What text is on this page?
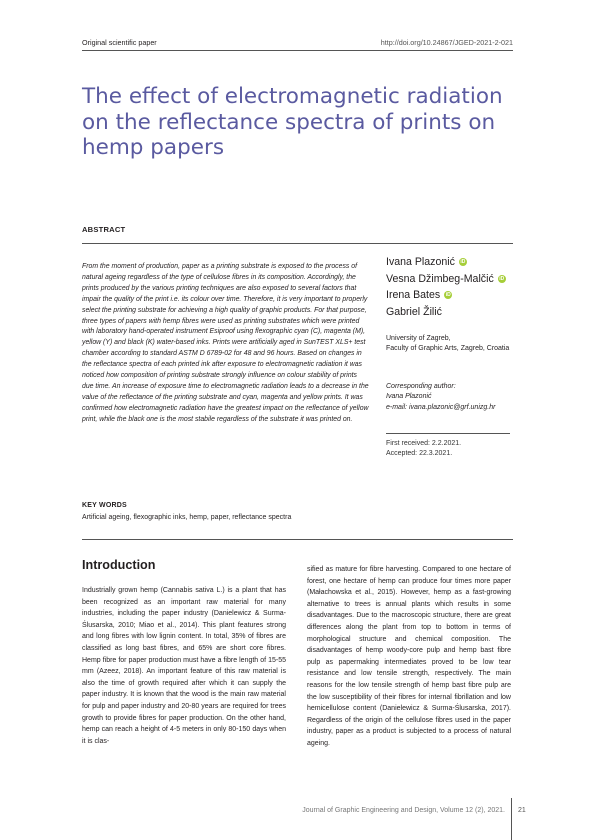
Original scientific paper	http://doi.org/10.24867/JGED-2021-2-021
The effect of electromagnetic radiation on the reflectance spectra of prints on hemp papers
ABSTRACT
From the moment of production, paper as a printing substrate is exposed to the process of natural ageing regardless of the type of cellulose fibres in its composition. Accordingly, the prints produced by the various printing techniques are also exposed to several factors that impair the quality of the print i.e. its colour over time. Therefore, it is very important to properly select the printing substrate for achieving a high quality of graphic products. For that purpose, three types of papers with hemp fibres were used as printing substrates which were printed with laboratory hand-operated instrument Esiproof using flexographic cyan (C), magenta (M), yellow (Y) and black (K) water-based inks. Prints were artificially aged in SunTEST XLS+ test chamber according to standard ASTM D 6789-02 for 48 and 96 hours. Based on changes in the reflectance spectra of each printed ink after exposure to electromagnetic radiation it was noticed how composition of printing substrate strongly influence on colour stability of prints due time. An increase of exposure time to electromagnetic radiation leads to a decrease in the value of the reflectance of the printing substrate and cyan, magenta and yellow prints. It was confirmed how electromagnetic radiation have the greatest impact on the reflectance of yellow print, while the black one is the most stabile regardless of the substrate it was printed on.
Ivana Plazonić	iD
Vesna Džimbeg-Malčić	iD
Irena Bates	iD
Gabriel Žilić
University of Zagreb,
Faculty of Graphic Arts, Zagreb, Croatia
Corresponding author:
Ivana Plazonić
e-mail: ivana.plazonic@grf.unizg.hr
First received: 2.2.2021.
Accepted: 22.3.2021.
KEY WORDS
Artificial ageing, flexographic inks, hemp, paper, reflectance spectra
Introduction
Industrially grown hemp (Cannabis sativa L.) is a plant that has been recognized as an important raw material for many industries, including the paper industry (Danielewicz & Surma-Ślusarska, 2010; Miao et al., 2014). This plant features strong and long fibres with low lignin content. In total, 35% of fibres are classified as long bast fibres, and 65% are short core fibres. Hemp fibre for paper production must have a fibre length of 15-55 mm (Azeez, 2018). An important feature of this raw material is also the time of growth required after which it can supply the paper industry. It is known that the wood is the main raw material for pulp and paper industry and 20-80 years are required for trees growth to provide fibres for paper production. On the other hand, hemp can reach a height of 4-5 meters in only 80-150 days when it is clas-
sified as mature for fibre harvesting. Compared to one hectare of forest, one hectare of hemp can produce four times more paper (Małachowska et al., 2015). However, hemp as a fast-growing alternative to trees is annual plants which results in some disadvantages. Due to the macroscopic structure, there are great differences along the plant from top to bottom in terms of morphological structure and chemical composition. The disadvantages of hemp woody-core pulp and hemp bast fibre pulp as papermaking intermediates proved to be low tear resistance and low tensile strength, respectively. The main reasons for the low tensile strength of hemp bast fibre pulp are the low susceptibility of their fibres for internal fibrillation and low hemicellulose content (Danielewicz & Surma-Ślusarska, 2017). Regardless of the origin of the cellulose fibres used in the paper industry, paper as a product is subjected to a process of natural ageing.
Journal of Graphic Engineering and Design, Volume 12 (2), 2021. 21
